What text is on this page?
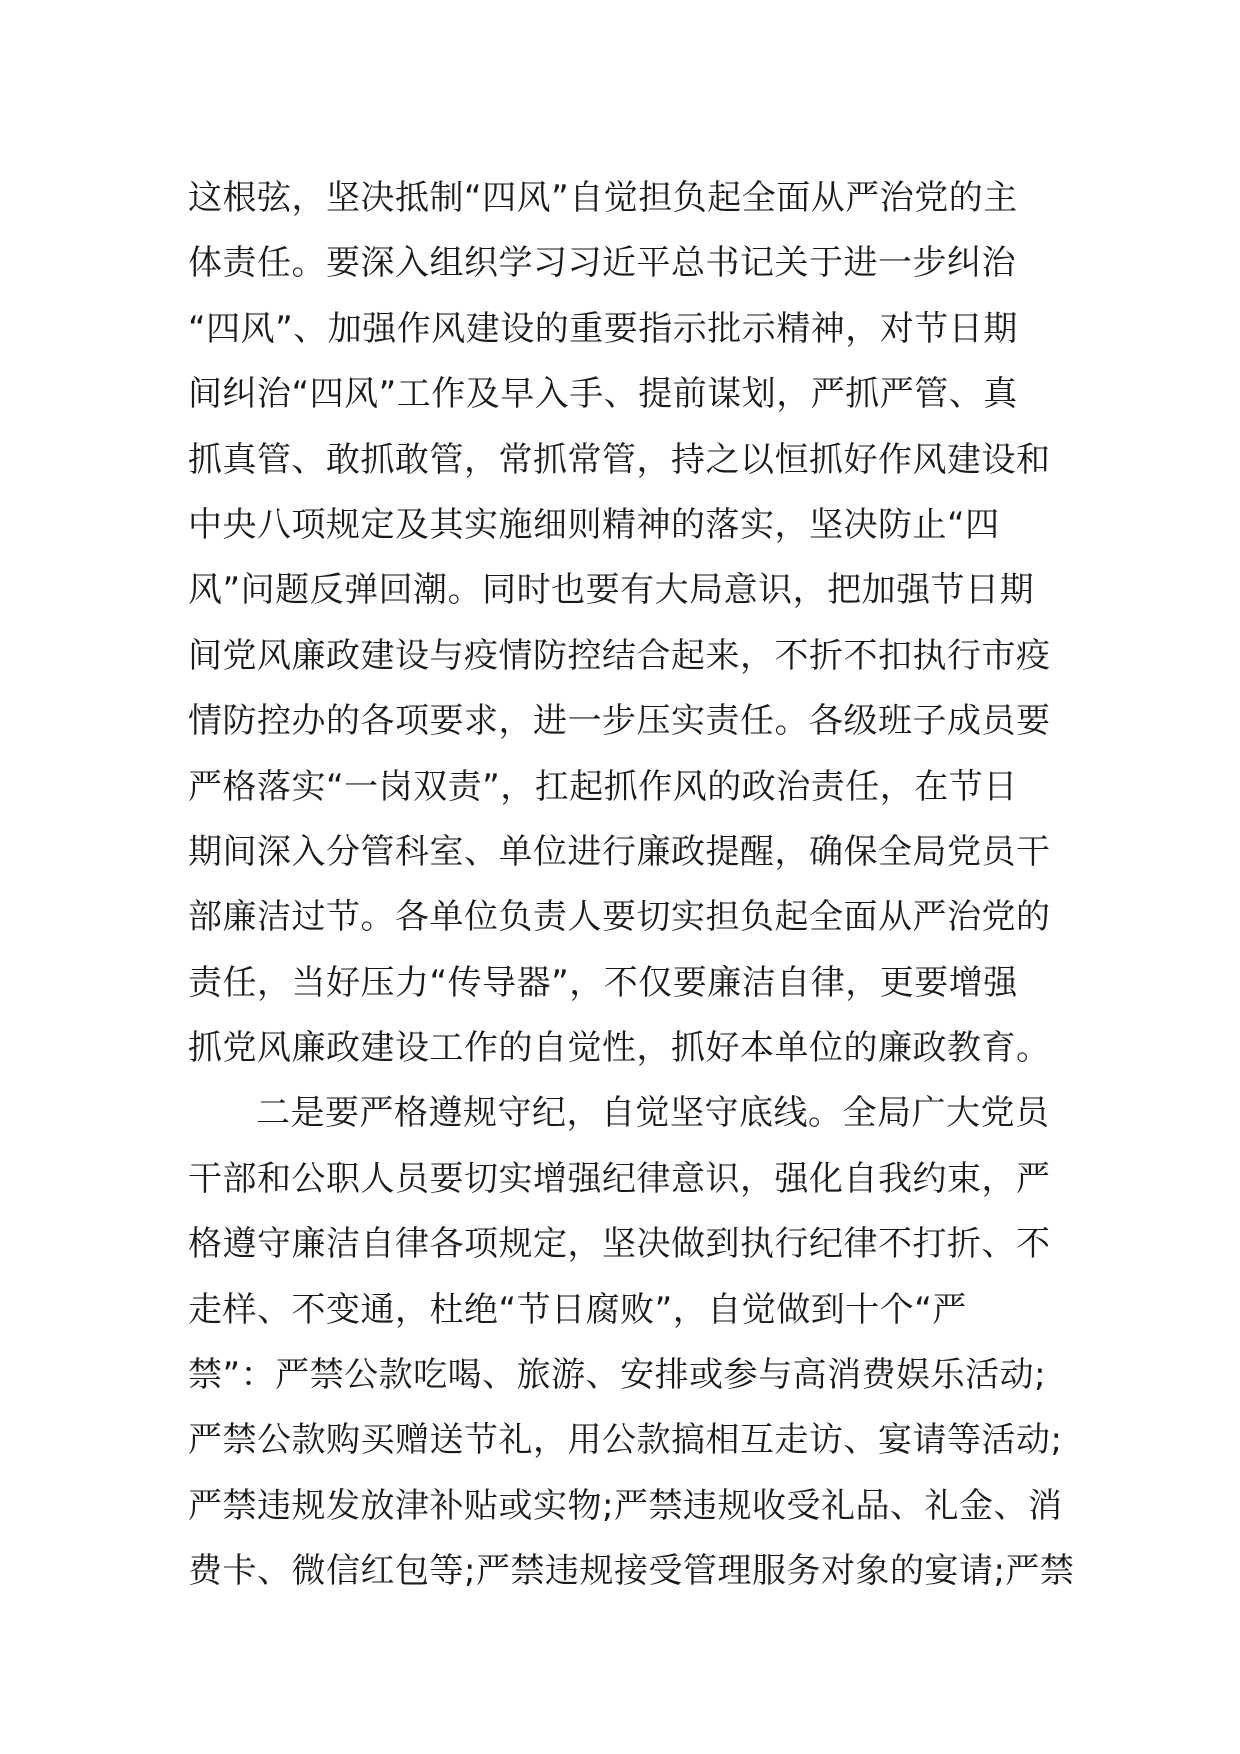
这根弦，坚决抵制“四风”自觉担负起全面从严治党的主
体责任。要深入组织学习习近平总书记关于进一步纠治
“四风”、加强作风建设的重要指示批示精神，对节日期
间纠治“四风”工作及早入手、提前谋划，严抓严管、真
抓真管、敢抓敢管，常抓常管，持之以恒抓好作风建设和
中央八项规定及其实施细则精神的落实，坚决防止“四
风”问题反弹回潮。同时也要有大局意识，把加强节日期
间党风廉政建设与疫情防控结合起来，不折不扣执行市疫
情防控办的各项要求，进一步压实责任。各级班子成员要
严格落实“一岗双责”，扛起抓作风的政治责任，在节日
期间深入分管科室、单位进行廉政提醒，确保全局党员干
部廉洁过节。各单位负责人要切实担负起全面从严治党的
责任，当好压力“传导器”，不仅要廉洁自律，更要增强
抓党风廉政建设工作的自觉性，抓好本单位的廉政教育。
二是要严格遵规守纪，自觉坚守底线。全局广大党员
干部和公职人员要切实增强纪律意识，强化自我约束，严
格遵守廉洁自律各项规定，坚决做到执行纪律不打折、不
走样、不变通，杜绝“节日腐败”，自觉做到十个“严
禁”：严禁公款吃喝、旅游、安排或参与高消费娱乐活动;
严禁公款购买赠送节礼，用公款搞相互走访、宴请等活动;
严禁违规发放津补贴或实物;严禁违规收受礼品、礼金、消
费卡、微信红包等;严禁违规接受管理服务对象的宴请;严禁
